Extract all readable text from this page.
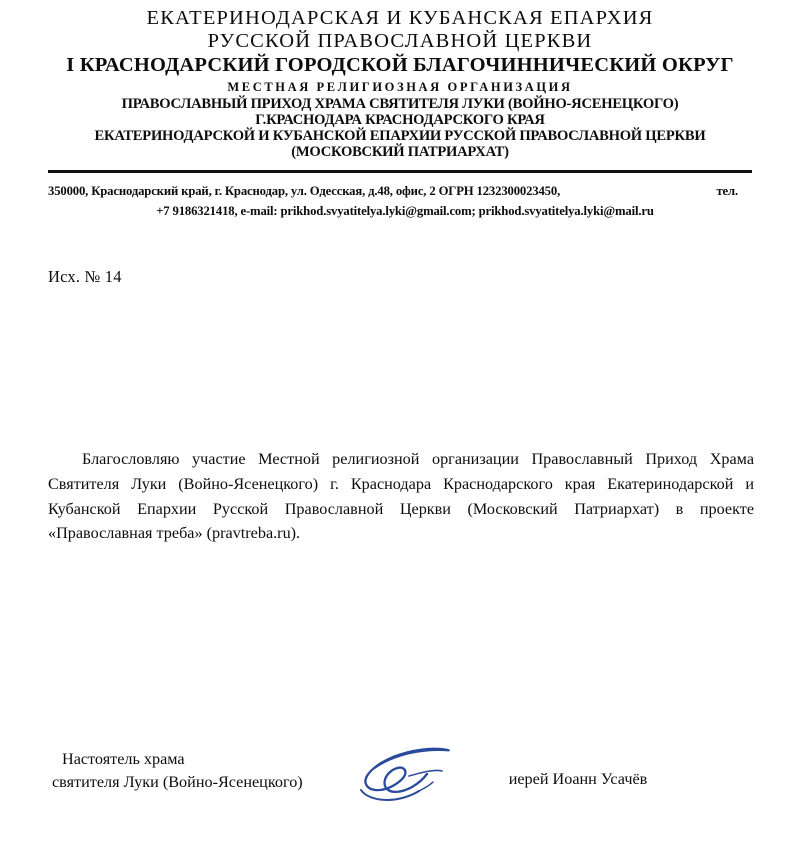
ЕКАТЕРИНОДАРСКАЯ И КУБАНСКАЯ ЕПАРХИЯ
РУССКОЙ ПРАВОСЛАВНОЙ ЦЕРКВИ
I КРАСНОДАРСКИЙ ГОРОДСКОЙ БЛАГОЧИННИЧЕСКИЙ ОКРУГ
МЕСТНАЯ РЕЛИГИОЗНАЯ ОРГАНИЗАЦИЯ
ПРАВОСЛАВНЫЙ ПРИХОД ХРАМА СВЯТИТЕЛЯ ЛУКИ (ВОЙНО-ЯСЕНЕЦКОГО)
Г.КРАСНОДАРА КРАСНОДАРСКОГО КРАЯ
ЕКАТЕРИНОДАРСКОЙ И КУБАНСКОЙ ЕПАРХИИ РУССКОЙ ПРАВОСЛАВНОЙ ЦЕРКВИ
(МОСКОВСКИЙ ПАТРИАРХАТ)
350000, Краснодарский край, г. Краснодар, ул. Одесская, д.48, офис, 2 ОГРН 1232300023450,	тел.
+7 9186321418, e-mail: prikhod.svyatitelya.lyki@gmail.com; prikhod.svyatitelya.lyki@mail.ru
Исх. № 14

Благословляю участие Местной религиозной организации Православный Приход Храма Святителя Луки (Войно-Ясенецкого) г. Краснодара Краснодарского края Екатеринодарской и Кубанской Епархии Русской Православной Церкви (Московский Патриархат) в проекте «Православная треба» (pravtreba.ru).

Настоятель храма
святителя Луки (Войно-Ясенецкого)	иерей Иоанн Усачёв
